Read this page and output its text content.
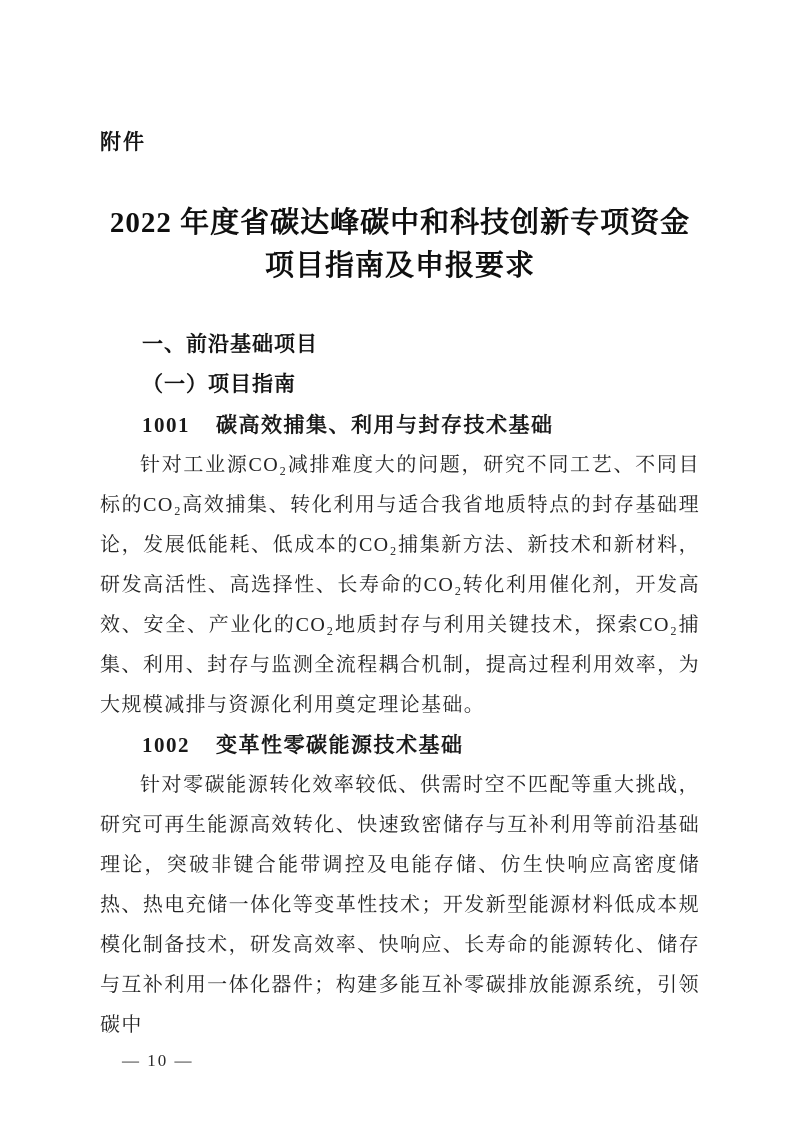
附件
2022 年度省碳达峰碳中和科技创新专项资金
项目指南及申报要求
一、前沿基础项目
（一）项目指南
1001 碳高效捕集、利用与封存技术基础

针对工业源CO₂减排难度大的问题，研究不同工艺、不同目标的CO₂高效捕集、转化利用与适合我省地质特点的封存基础理论，发展低能耗、低成本的CO₂捕集新方法、新技术和新材料，研发高活性、高选择性、长寿命的CO₂转化利用催化剂，开发高效、安全、产业化的CO₂地质封存与利用关键技术，探索CO₂捕集、利用、封存与监测全流程耦合机制，提高过程利用效率，为大规模减排与资源化利用奠定理论基础。

1002 变革性零碳能源技术基础

针对零碳能源转化效率较低、供需时空不匹配等重大挑战，研究可再生能源高效转化、快速致密储存与互补利用等前沿基础理论，突破非键合能带调控及电能存储、仿生快响应高密度储热、热电充储一体化等变革性技术；开发新型能源材料低成本规模化制备技术，研发高效率、快响应、长寿命的能源转化、储存与互补利用一体化器件；构建多能互补零碳排放能源系统，引领碳中

— 10 —
